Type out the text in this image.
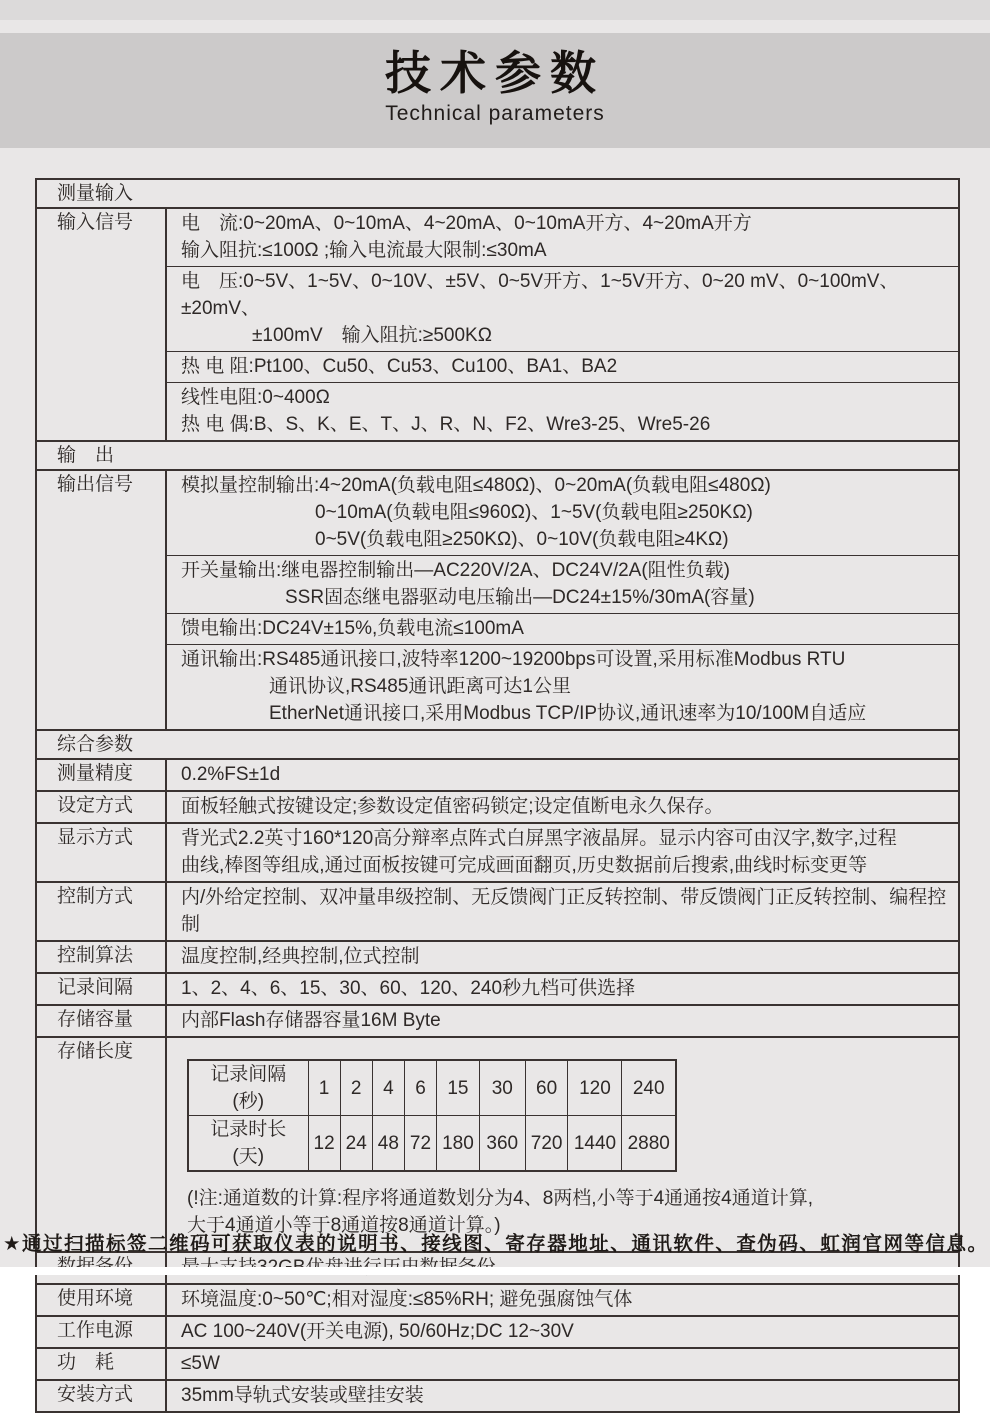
技术参数
Technical parameters
测量输入
输入信号	电　流:0~20mA、0~10mA、4~20mA、0~10mA开方、4~20mA开方
输入阻抗:≤100Ω ;输入电流最大限制:≤30mA
电　压:0~5V、1~5V、0~10V、±5V、0~5V开方、1~5V开方、0~20 mV、0~100mV、±20mV、
±100mV　输入阻抗:≥500KΩ
热 电 阻:Pt100、Cu50、Cu53、Cu100、BA1、BA2
线性电阻:0~400Ω
热 电 偶:B、S、K、E、T、J、R、N、F2、Wre3-25、Wre5-26
输　出
输出信号	模拟量控制输出:4~20mA(负载电阻≤480Ω)、0~20mA(负载电阻≤480Ω)
0~10mA(负载电阻≤960Ω)、1~5V(负载电阻≥250KΩ)
0~5V(负载电阻≥250KΩ)、0~10V(负载电阻≥4KΩ)
开关量输出:继电器控制输出—AC220V/2A、DC24V/2A(阻性负载)
SSR固态继电器驱动电压输出—DC24±15%/30mA(容量)
馈电输出:DC24V±15%,负载电流≤100mA
通讯输出:RS485通讯接口,波特率1200~19200bps可设置,采用标准Modbus RTU
通讯协议,RS485通讯距离可达1公里
EtherNet通讯接口,采用Modbus TCP/IP协议,通讯速率为10/100M自适应
综合参数
测量精度	0.2%FS±1d
设定方式	面板轻触式按键设定;参数设定值密码锁定;设定值断电永久保存。
显示方式	背光式2.2英寸160*120高分辩率点阵式白屏黑字液晶屏。显示内容可由汉字,数字,过程
曲线,棒图等组成,通过面板按键可完成画面翻页,历史数据前后搜索,曲线时标变更等
控制方式	内/外给定控制、双冲量串级控制、无反馈阀门正反转控制、带反馈阀门正反转控制、编程控制
控制算法	温度控制,经典控制,位式控制
记录间隔	1、2、4、6、15、30、60、120、240秒九档可供选择
存储容量	内部Flash存储器容量16M Byte
存储长度
记录间隔(秒)	1	2	4	6	15	30	60	120	240
记录时长(天)	12	24	48	72	180	360	720	1440	2880
(!注:通道数的计算:程序将通道数划分为4、8两档,小等于4通通按4通道计算,
大于4通道小等于8通道按8通道计算。)
使用环境	环境温度:0~50℃;相对湿度:≤85%RH; 避免强腐蚀气体
工作电源	AC 100~240V(开关电源), 50/60Hz;DC 12~30V
功　耗	≤5W
安装方式	35mm导轨式安装或壁挂安装

★通过扫描标签二维码可获取仪表的说明书、接线图、寄存器地址、通讯软件、查伪码、虹润官网等信息。
